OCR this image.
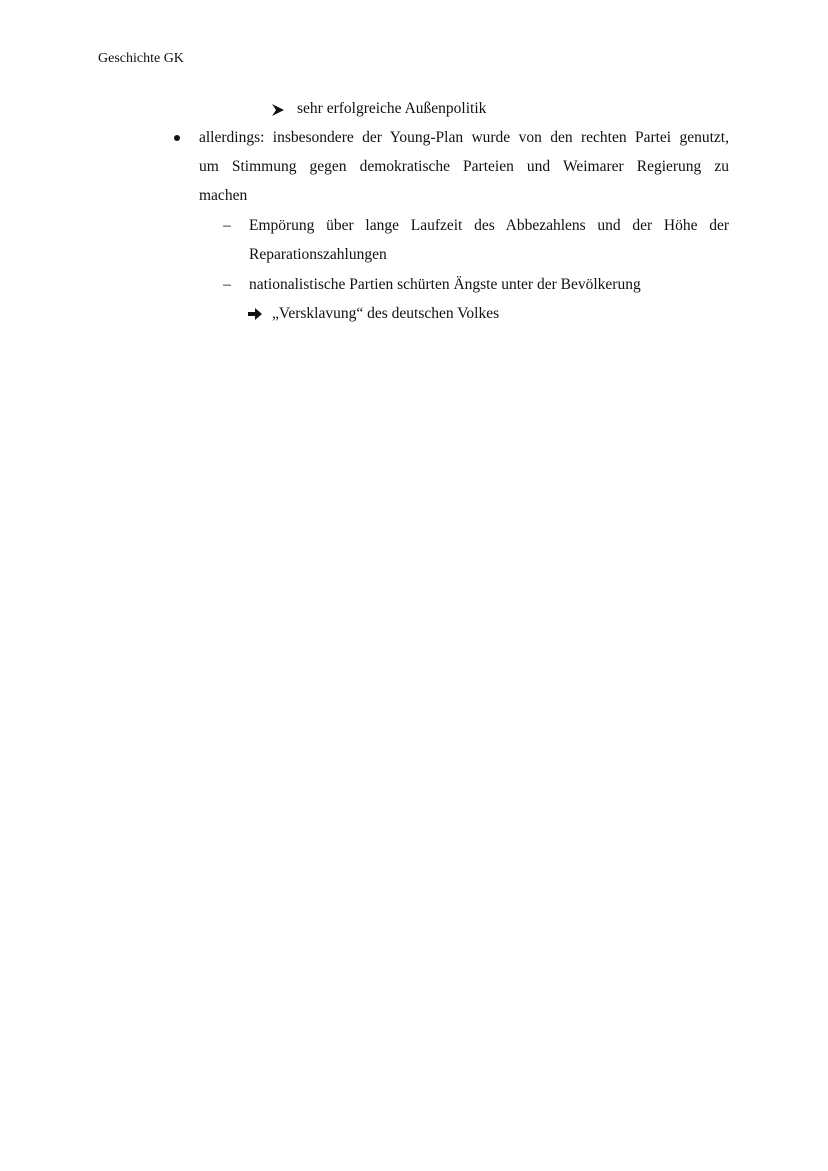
Geschichte GK
sehr erfolgreiche Außenpolitik
allerdings: insbesondere der Young-Plan wurde von den rechten Partei genutzt,
um Stimmung gegen demokratische Parteien und Weimarer Regierung zu
machen
– Empörung über lange Laufzeit des Abbezahlens und der Höhe der
Reparationszahlungen
– nationalistische Partien schürten Ängste unter der Bevölkerung
„Versklavung“ des deutschen Volkes
